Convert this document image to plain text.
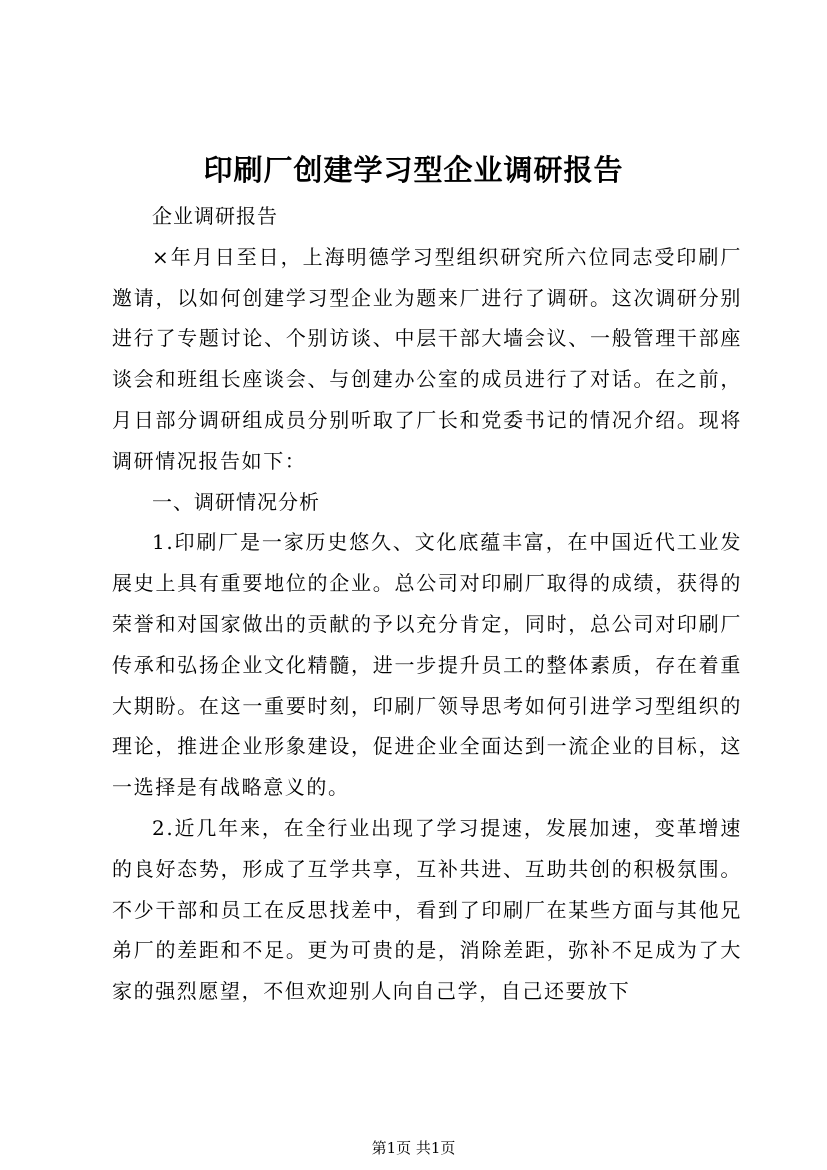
印刷厂创建学习型企业调研报告

企业调研报告

×年月日至日，上海明德学习型组织研究所六位同志受印刷厂邀请，以如何创建学习型企业为题来厂进行了调研。这次调研分别进行了专题讨论、个别访谈、中层干部大墙会议、一般管理干部座谈会和班组长座谈会、与创建办公室的成员进行了对话。在之前，月日部分调研组成员分别听取了厂长和党委书记的情况介绍。现将调研情况报告如下：

一、调研情况分析

1.印刷厂是一家历史悠久、文化底蕴丰富，在中国近代工业发展史上具有重要地位的企业。总公司对印刷厂取得的成绩，获得的荣誉和对国家做出的贡献的予以充分肯定，同时，总公司对印刷厂传承和弘扬企业文化精髓，进一步提升员工的整体素质，存在着重大期盼。在这一重要时刻，印刷厂领导思考如何引进学习型组织的理论，推进企业形象建设，促进企业全面达到一流企业的目标，这一选择是有战略意义的。

2.近几年来，在全行业出现了学习提速，发展加速，变革增速的良好态势，形成了互学共享，互补共进、互助共创的积极氛围。不少干部和员工在反思找差中，看到了印刷厂在某些方面与其他兄弟厂的差距和不足。更为可贵的是，消除差距，弥补不足成为了大家的强烈愿望，不但欢迎别人向自己学，自己还要放下

第1页 共1页
